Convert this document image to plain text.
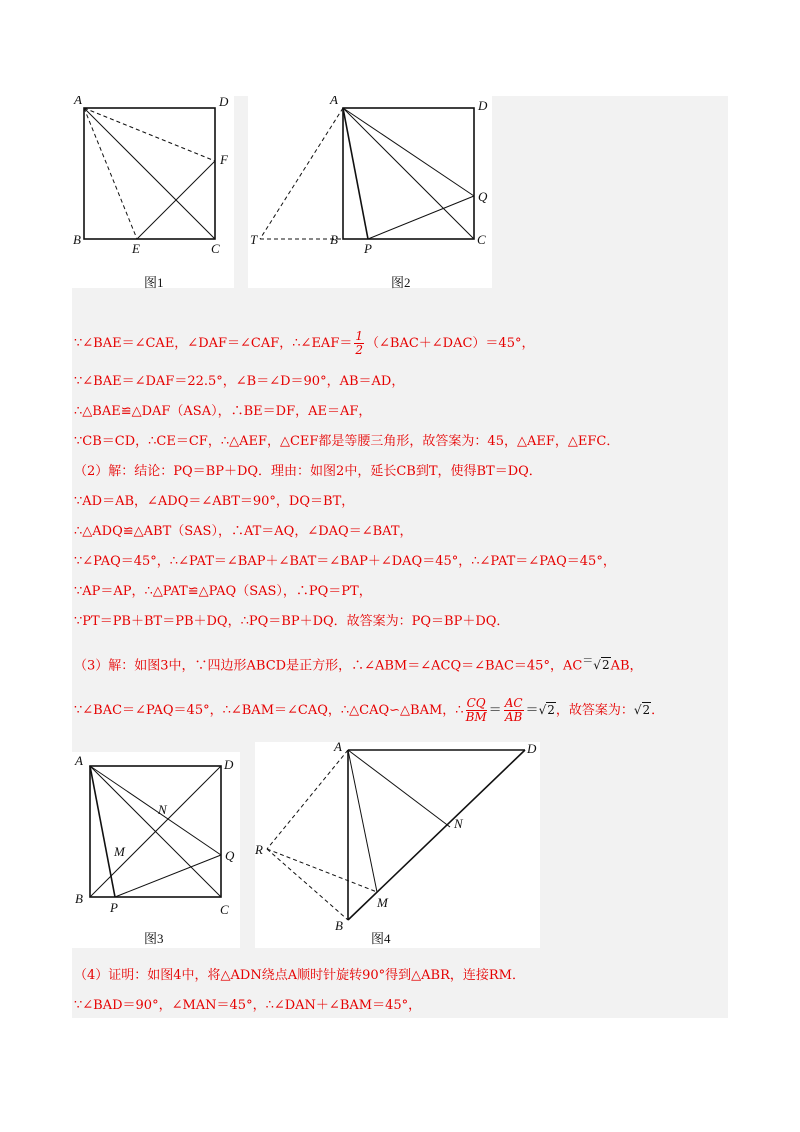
A	D
F
B
E	C
图1
A	D
Q
T	B
P
C
图2
∵∠BAE＝∠CAE，∠DAF＝∠CAF，∴∠EAF＝ $\frac{1}{2}$ （∠BAC＋∠DAC）＝45°，
∵∠BAE＝∠DAF＝22.5°，∠B＝∠D＝90°，AB＝AD，
∴△BAE≌△DAF（ASA），∴BE＝DF，AE＝AF，
∵CB＝CD，∴CE＝CF，∴△AEF，△CEF都是等腰三角形，故答案为：45，△AEF，△EFC．
（2）解：结论：PQ＝BP＋DQ．理由：如图2中，延长CB到T，使得BT＝DQ．
∵AD＝AB，∠ADQ＝∠ABT＝90°，DQ＝BT，
∴△ADQ≌△ABT（SAS），∴AT＝AQ，∠DAQ＝∠BAT，
∵∠PAQ＝45°，∴∠PAT＝∠BAP＋∠BAT＝∠BAP＋∠DAQ＝45°，∴∠PAT＝∠PAQ＝45°，
∵AP＝AP，∴△PAT≌△PAQ（SAS），∴PQ＝PT，
∵PT＝PB＋BT＝PB＋DQ，∴PQ＝BP＋DQ．故答案为：PQ＝BP＋DQ．
（3）解：如图3中，∵四边形ABCD是正方形，∴∠ABM＝∠ACQ＝∠BAC＝45°，AC＝√2AB，
∵∠BAC＝∠PAQ＝45°，∴∠BAM＝∠CAQ，∴△CAQ∽△BAM，∴ $\frac{CQ}{BM} = \frac{AC}{AB} =√2$，故答案为：√2．
A	D
N
M	Q
B
P	C
图3
A	D
N
R
M
B
图4
（4）证明：如图4中，将△ADN绕点A顺时针旋转90°得到△ABR，连接RM．
∵∠BAD＝90°，∠MAN＝45°，∴∠DAN＋∠BAM＝45°，
